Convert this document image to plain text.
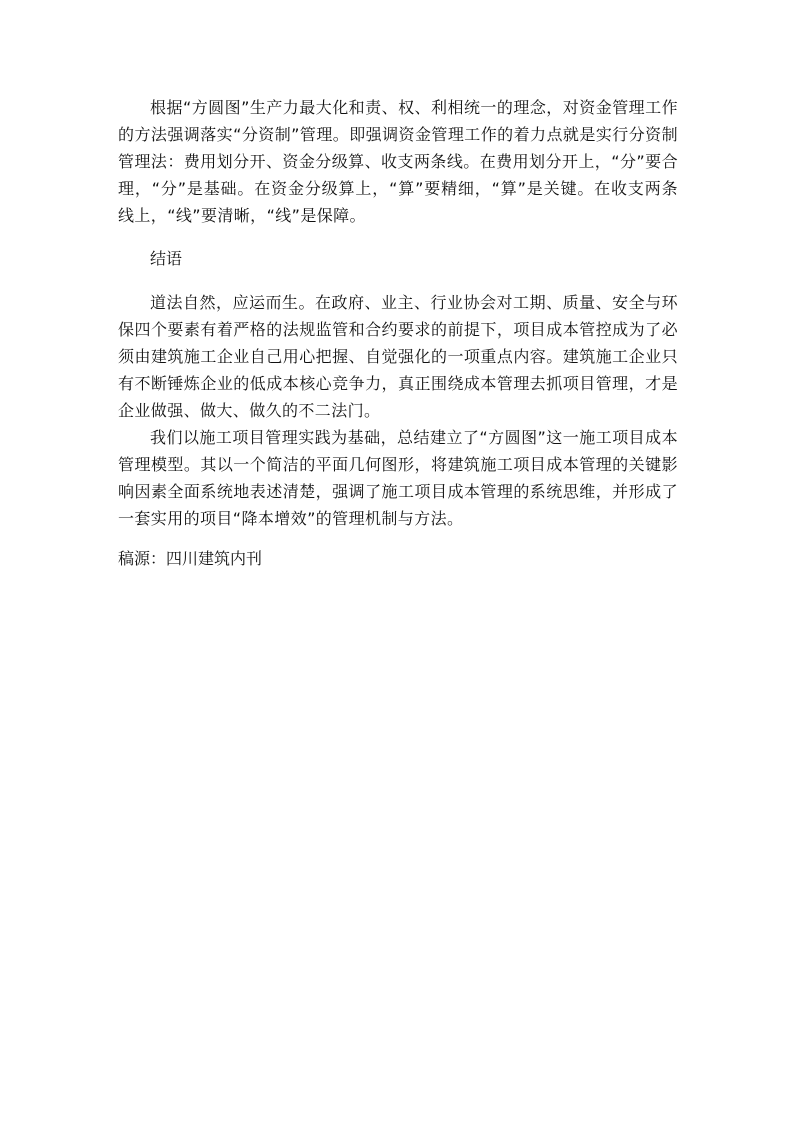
根据“方圆图”生产力最大化和责、权、利相统一的理念，对资金管理工作的方法强调落实“分资制”管理。即强调资金管理工作的着力点就是实行分资制管理法：费用划分开、资金分级算、收支两条线。在费用划分开上，“分”要合理，“分”是基础。在资金分级算上，“算”要精细，“算”是关键。在收支两条线上，“线”要清晰，“线”是保障。

结语

道法自然，应运而生。在政府、业主、行业协会对工期、质量、安全与环保四个要素有着严格的法规监管和合约要求的前提下，项目成本管控成为了必须由建筑施工企业自己用心把握、自觉强化的一项重点内容。建筑施工企业只有不断锤炼企业的低成本核心竞争力，真正围绕成本管理去抓项目管理，才是企业做强、做大、做久的不二法门。

我们以施工项目管理实践为基础，总结建立了“方圆图”这一施工项目成本管理模型。其以一个简洁的平面几何图形，将建筑施工项目成本管理的关键影响因素全面系统地表述清楚，强调了施工项目成本管理的系统思维，并形成了一套实用的项目“降本增效”的管理机制与方法。

稿源：四川建筑内刊
